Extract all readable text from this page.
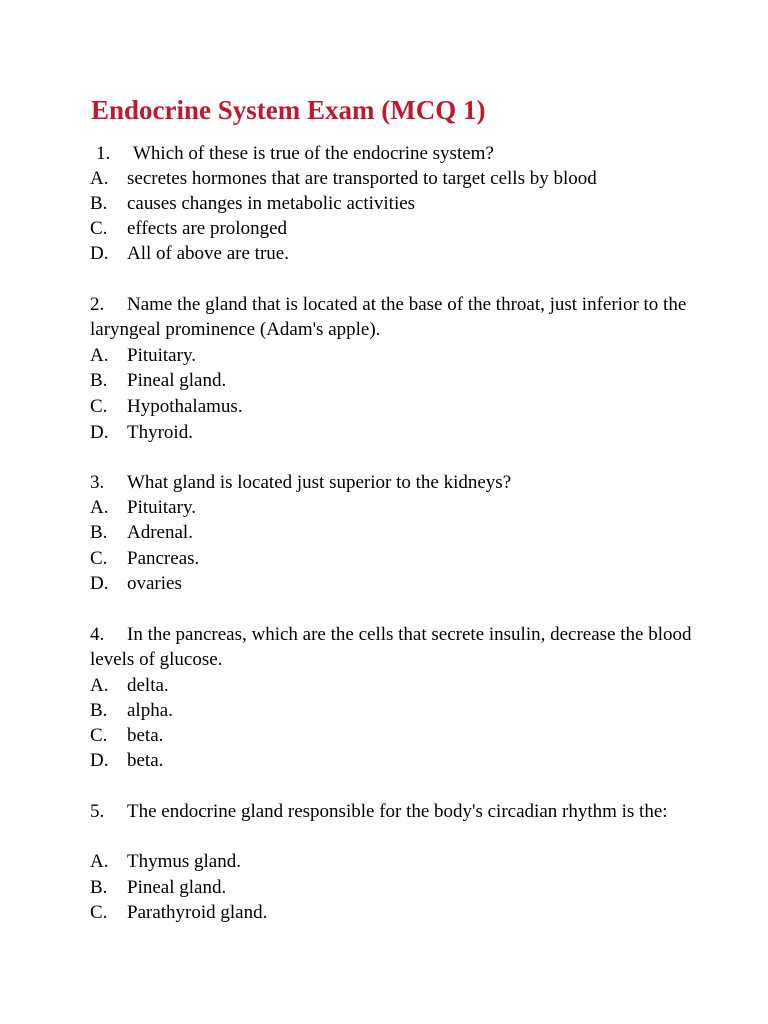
Endocrine System Exam (MCQ 1)

1. Which of these is true of the endocrine system?

A. secretes hormones that are transported to target cells by blood

B. causes changes in metabolic activities

C. effects are prolonged

D. All of above are true.

2. Name the gland that is located at the base of the throat, just inferior to the laryngeal prominence (Adam's apple).

A. Pituitary.

B. Pineal gland.

C. Hypothalamus.

D. Thyroid.

3. What gland is located just superior to the kidneys?

A. Pituitary.

B. Adrenal.

C. Pancreas.

D. ovaries

4. In the pancreas, which are the cells that secrete insulin, decrease the blood levels of glucose.

A. delta.

B. alpha.

C. beta.

D. beta.

5. The endocrine gland responsible for the body's circadian rhythm is the:

A. Thymus gland.

B. Pineal gland.

C. Parathyroid gland.
